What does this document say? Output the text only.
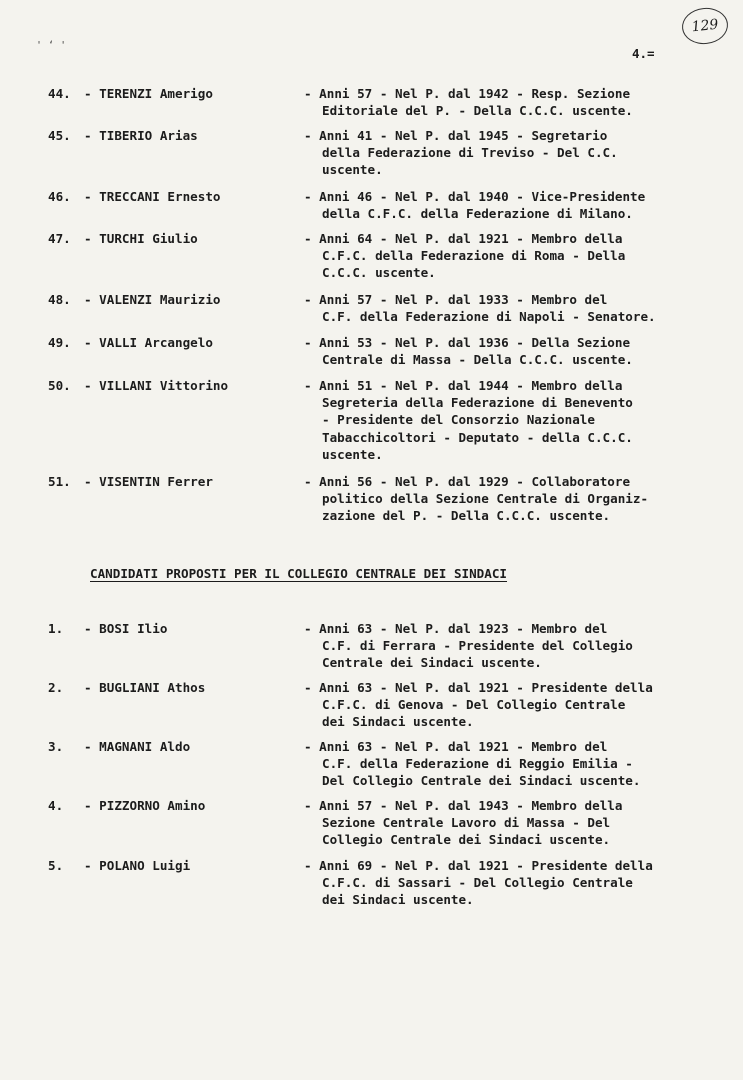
129
' ‘ '
4.=
44.	- TERENZI Amerigo	- Anni 57 - Nel P. dal 1942 - Resp. Sezione
Editoriale del P. - Della C.C.C. uscente.
45.	- TIBERIO Arias	- Anni 41 - Nel P. dal 1945 - Segretario
della Federazione di Treviso - Del C.C.
uscente.
46.	- TRECCANI Ernesto	- Anni 46 - Nel P. dal 1940 - Vice-Presidente
della C.F.C. della Federazione di Milano.
47.	- TURCHI Giulio	- Anni 64 - Nel P. dal 1921 - Membro della
C.F.C. della Federazione di Roma - Della
C.C.C. uscente.
48.	- VALENZI Maurizio	- Anni 57 - Nel P. dal 1933 - Membro del
C.F. della Federazione di Napoli - Senatore.
49.	- VALLI Arcangelo	- Anni 53 - Nel P. dal 1936 - Della Sezione
Centrale di Massa - Della C.C.C. uscente.
50.	- VILLANI Vittorino	- Anni 51 - Nel P. dal 1944 - Membro della
Segreteria della Federazione di Benevento
- Presidente del Consorzio Nazionale
Tabacchicoltori - Deputato - della C.C.C.
uscente.
51.	- VISENTIN Ferrer	- Anni 56 - Nel P. dal 1929 - Collaboratore
politico della Sezione Centrale di Organiz-
zazione del P. - Della C.C.C. uscente.
CANDIDATI PROPOSTI PER IL COLLEGIO CENTRALE DEI SINDACI
1.	- BOSI Ilio	- Anni 63 - Nel P. dal 1923 - Membro del
C.F. di Ferrara - Presidente del Collegio
Centrale dei Sindaci uscente.
2.	- BUGLIANI Athos	- Anni 63 - Nel P. dal 1921 - Presidente della
C.F.C. di Genova - Del Collegio Centrale
dei Sindaci uscente.
3.	- MAGNANI Aldo	- Anni 63 - Nel P. dal 1921 - Membro del
C.F. della Federazione di Reggio Emilia -
Del Collegio Centrale dei Sindaci uscente.
4.	- PIZZORNO Amino	- Anni 57 - Nel P. dal 1943 - Membro della
Sezione Centrale Lavoro di Massa - Del
Collegio Centrale dei Sindaci uscente.
5.	- POLANO Luigi	- Anni 69 - Nel P. dal 1921 - Presidente della
C.F.C. di Sassari - Del Collegio Centrale
dei Sindaci uscente.
